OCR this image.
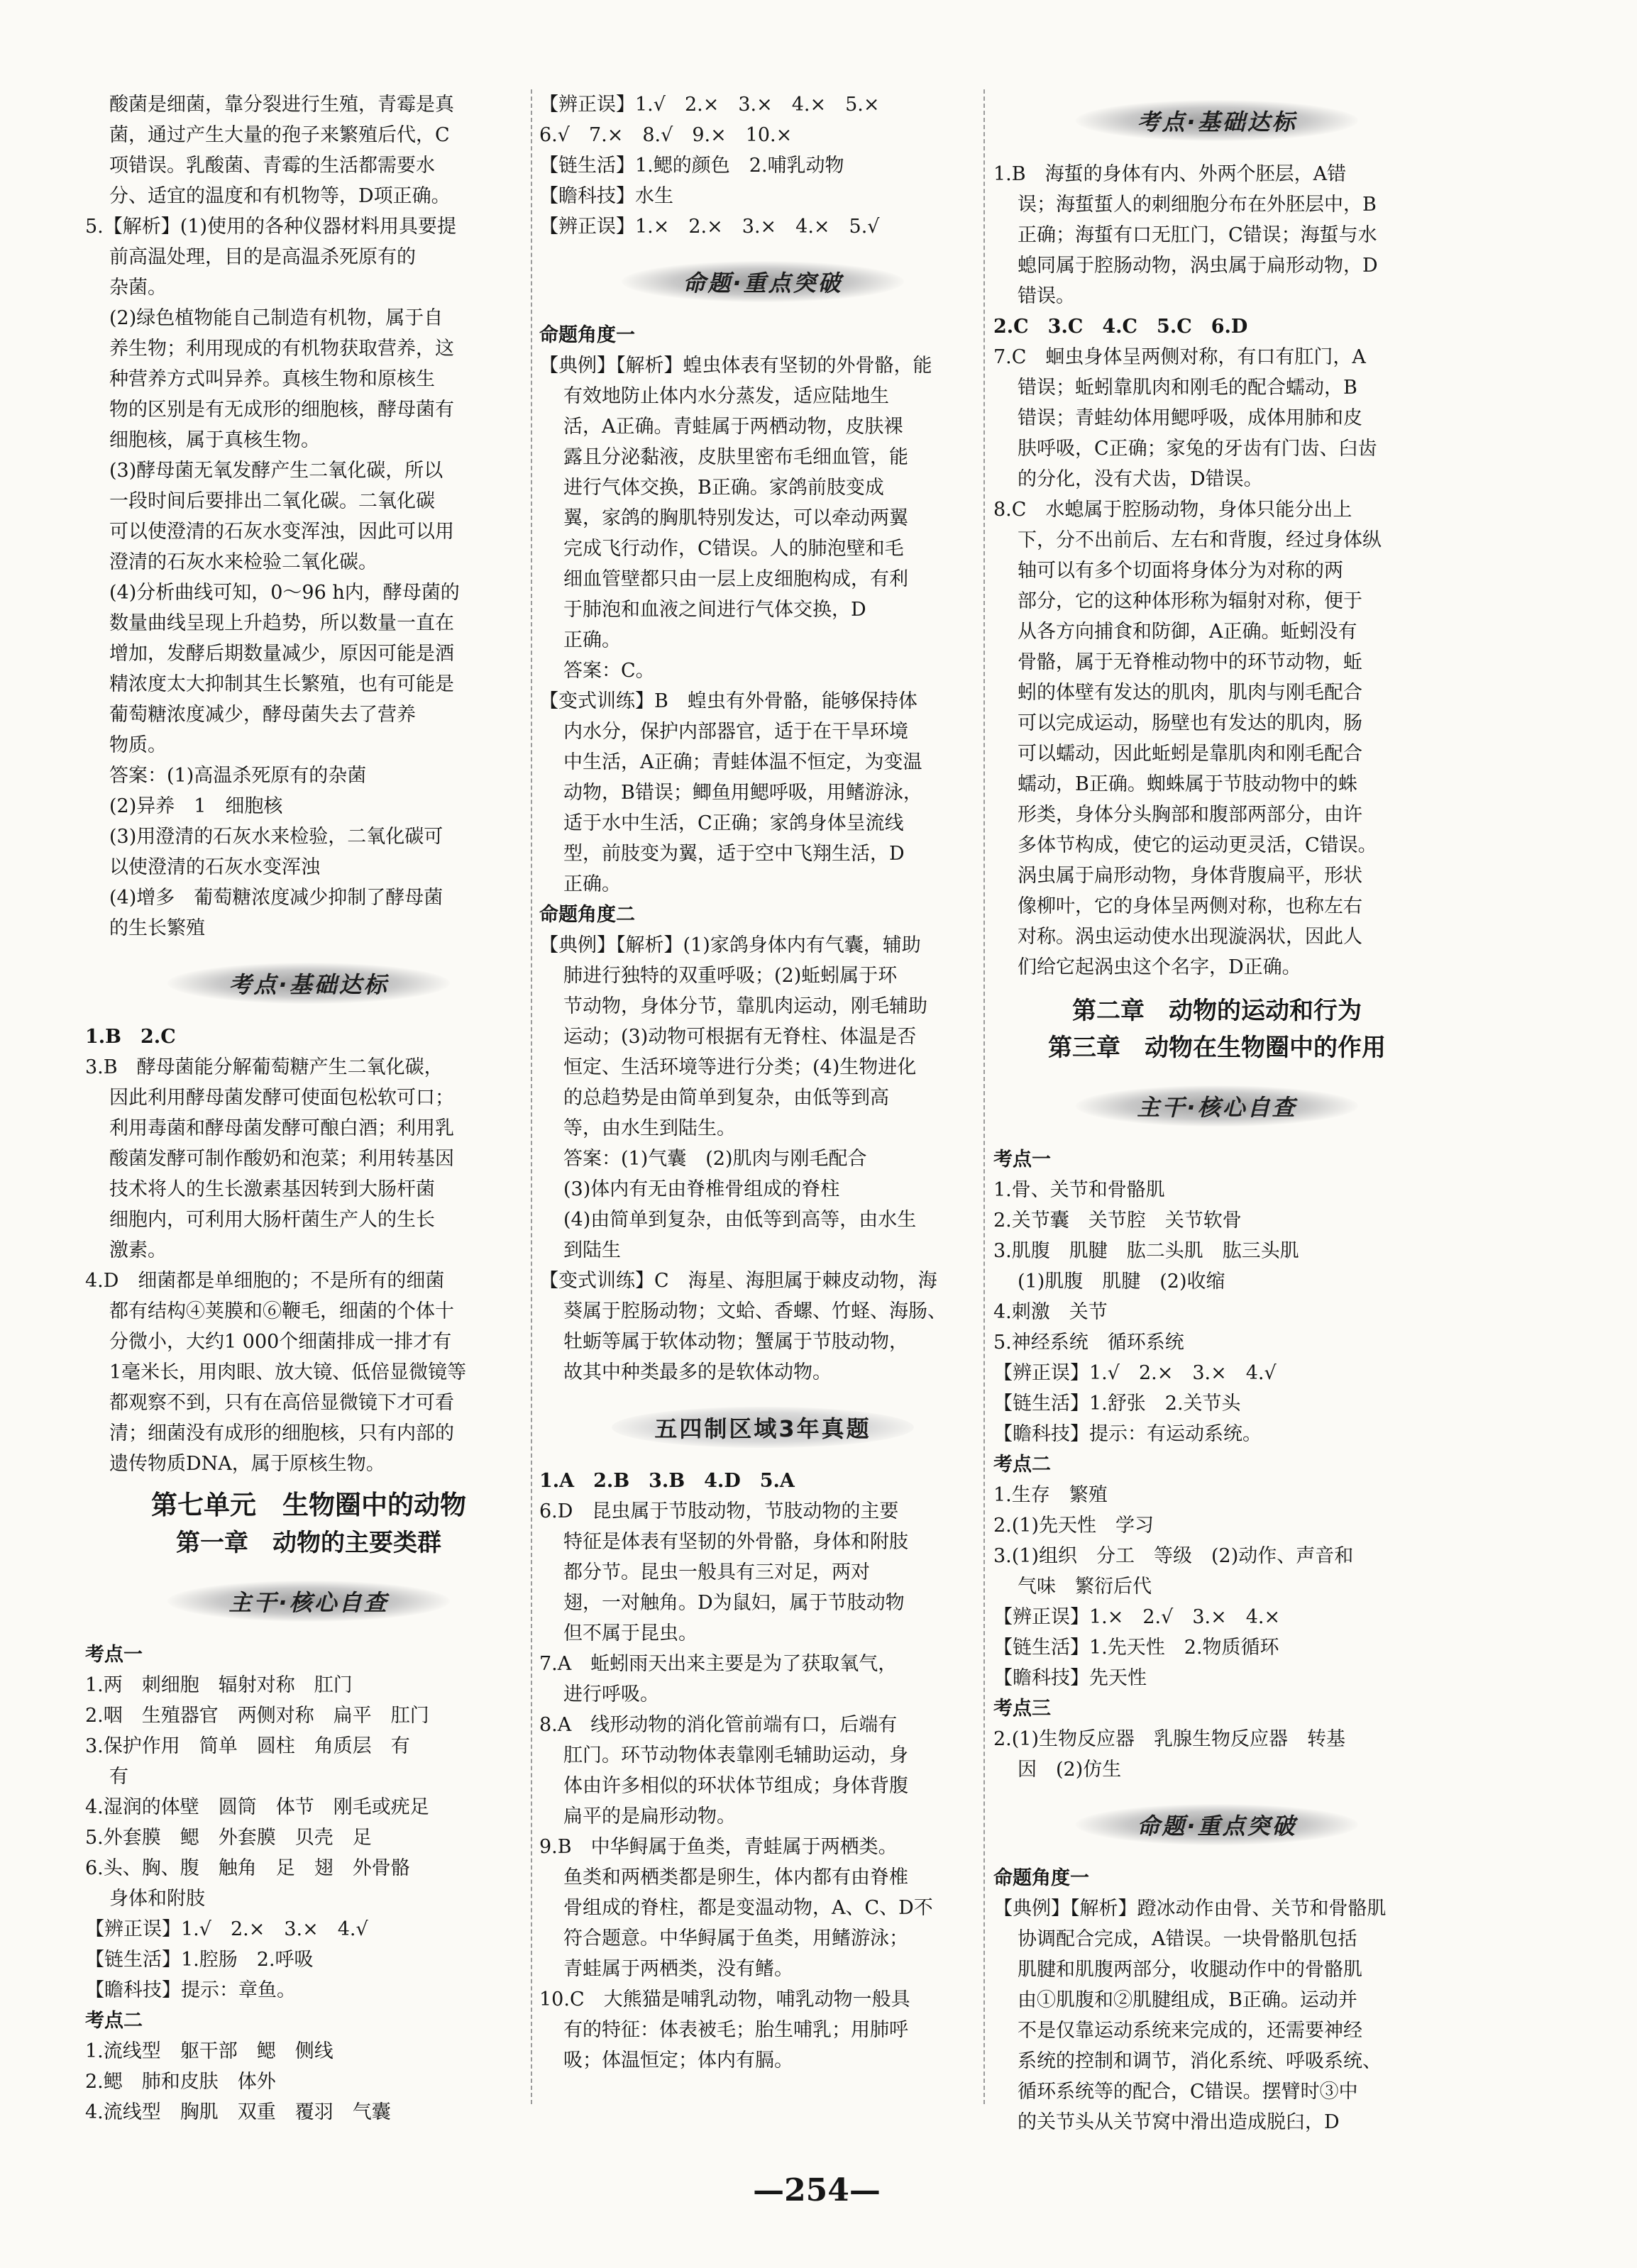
酸菌是细菌，靠分裂进行生殖，青霉是真

菌，通过产生大量的孢子来繁殖后代，C

项错误。乳酸菌、青霉的生活都需要水

分、适宜的温度和有机物等，D项正确。

5.【解析】(1)使用的各种仪器材料用具要提

前高温处理，目的是高温杀死原有的

杂菌。

(2)绿色植物能自己制造有机物，属于自

养生物；利用现成的有机物获取营养，这

种营养方式叫异养。真核生物和原核生

物的区别是有无成形的细胞核，酵母菌有

细胞核，属于真核生物。

(3)酵母菌无氧发酵产生二氧化碳，所以

一段时间后要排出二氧化碳。二氧化碳

可以使澄清的石灰水变浑浊，因此可以用

澄清的石灰水来检验二氧化碳。

(4)分析曲线可知，0～96 h内，酵母菌的

数量曲线呈现上升趋势，所以数量一直在

增加，发酵后期数量减少，原因可能是酒

精浓度太大抑制其生长繁殖，也有可能是

葡萄糖浓度减少，酵母菌失去了营养

物质。

答案：(1)高温杀死原有的杂菌

(2)异养　1　细胞核

(3)用澄清的石灰水来检验，二氧化碳可

以使澄清的石灰水变浑浊

(4)增多　葡萄糖浓度减少抑制了酵母菌

的生长繁殖

考点·基础达标

1.B　2.C

3.B　酵母菌能分解葡萄糖产生二氧化碳，

因此利用酵母菌发酵可使面包松软可口；

利用毒菌和酵母菌发酵可酿白酒；利用乳

酸菌发酵可制作酸奶和泡菜；利用转基因

技术将人的生长激素基因转到大肠杆菌

细胞内，可利用大肠杆菌生产人的生长

激素。

4.D　细菌都是单细胞的；不是所有的细菌

都有结构④荚膜和⑥鞭毛，细菌的个体十

分微小，大约1 000个细菌排成一排才有

1毫米长，用肉眼、放大镜、低倍显微镜等

都观察不到，只有在高倍显微镜下才可看

清；细菌没有成形的细胞核，只有内部的

遗传物质DNA，属于原核生物。

第七单元　生物圈中的动物
第一章　动物的主要类群
主干·核心自查

考点一

1.两　刺细胞　辐射对称　肛门

2.咽　生殖器官　两侧对称　扁平　肛门

3.保护作用　简单　圆柱　角质层　有

有

4.湿润的体壁　圆筒　体节　刚毛或疣足

5.外套膜　鳃　外套膜　贝壳　足

6.头、胸、腹　触角　足　翅　外骨骼

身体和附肢

【辨正误】1.√　2.×　3.×　4.√

【链生活】1.腔肠　2.呼吸

【瞻科技】提示：章鱼。

考点二

1.流线型　躯干部　鳃　侧线

2.鳃　肺和皮肤　体外

4.流线型　胸肌　双重　覆羽　气囊

【辨正误】1.√　2.×　3.×　4.×　5.×

6.√　7.×　8.√　9.×　10.×

【链生活】1.鳃的颜色　2.哺乳动物

【瞻科技】水生

【辨正误】1.×　2.×　3.×　4.×　5.√

命题·重点突破

命题角度一

【典例】【解析】蝗虫体表有坚韧的外骨骼，能

有效地防止体内水分蒸发，适应陆地生

活，A正确。青蛙属于两栖动物，皮肤裸

露且分泌黏液，皮肤里密布毛细血管，能

进行气体交换，B正确。家鸽前肢变成

翼，家鸽的胸肌特别发达，可以牵动两翼

完成飞行动作，C错误。人的肺泡壁和毛

细血管壁都只由一层上皮细胞构成，有利

于肺泡和血液之间进行气体交换，D

正确。

答案：C。

【变式训练】B　蝗虫有外骨骼，能够保持体

内水分，保护内部器官，适于在干旱环境

中生活，A正确；青蛙体温不恒定，为变温

动物，B错误；鲫鱼用鳃呼吸，用鳍游泳，

适于水中生活，C正确；家鸽身体呈流线

型，前肢变为翼，适于空中飞翔生活，D

正确。

命题角度二

【典例】【解析】(1)家鸽身体内有气囊，辅助

肺进行独特的双重呼吸；(2)蚯蚓属于环

节动物，身体分节，靠肌肉运动，刚毛辅助

运动；(3)动物可根据有无脊柱、体温是否

恒定、生活环境等进行分类；(4)生物进化

的总趋势是由简单到复杂，由低等到高

等，由水生到陆生。

答案：(1)气囊　(2)肌肉与刚毛配合

(3)体内有无由脊椎骨组成的脊柱

(4)由简单到复杂，由低等到高等，由水生

到陆生

【变式训练】C　海星、海胆属于棘皮动物，海

葵属于腔肠动物；文蛤、香螺、竹蛏、海肠、

牡蛎等属于软体动物；蟹属于节肢动物，

故其中种类最多的是软体动物。

五四制区域3年真题

1.A　2.B　3.B　4.D　5.A

6.D　昆虫属于节肢动物，节肢动物的主要

特征是体表有坚韧的外骨骼，身体和附肢

都分节。昆虫一般具有三对足，两对

翅，一对触角。D为鼠妇，属于节肢动物

但不属于昆虫。

7.A　蚯蚓雨天出来主要是为了获取氧气，

进行呼吸。

8.A　线形动物的消化管前端有口，后端有

肛门。环节动物体表靠刚毛辅助运动，身

体由许多相似的环状体节组成；身体背腹

扁平的是扁形动物。

9.B　中华鲟属于鱼类，青蛙属于两栖类。

鱼类和两栖类都是卵生，体内都有由脊椎

骨组成的脊柱，都是变温动物，A、C、D不

符合题意。中华鲟属于鱼类，用鳍游泳；

青蛙属于两栖类，没有鳍。

10.C　大熊猫是哺乳动物，哺乳动物一般具

有的特征：体表被毛；胎生哺乳；用肺呼

吸；体温恒定；体内有膈。

考点·基础达标

1.B　海蜇的身体有内、外两个胚层，A错

误；海蜇蜇人的刺细胞分布在外胚层中，B

正确；海蜇有口无肛门，C错误；海蜇与水

螅同属于腔肠动物，涡虫属于扁形动物，D

错误。

2.C　3.C　4.C　5.C　6.D

7.C　蛔虫身体呈两侧对称，有口有肛门，A

错误；蚯蚓靠肌肉和刚毛的配合蠕动，B

错误；青蛙幼体用鳃呼吸，成体用肺和皮

肤呼吸，C正确；家兔的牙齿有门齿、臼齿

的分化，没有犬齿，D错误。

8.C　水螅属于腔肠动物，身体只能分出上

下，分不出前后、左右和背腹，经过身体纵

轴可以有多个切面将身体分为对称的两

部分，它的这种体形称为辐射对称，便于

从各方向捕食和防御，A正确。蚯蚓没有

骨骼，属于无脊椎动物中的环节动物，蚯

蚓的体壁有发达的肌肉，肌肉与刚毛配合

可以完成运动，肠壁也有发达的肌肉，肠

可以蠕动，因此蚯蚓是靠肌肉和刚毛配合

蠕动，B正确。蜘蛛属于节肢动物中的蛛

形类，身体分头胸部和腹部两部分，由许

多体节构成，使它的运动更灵活，C错误。

涡虫属于扁形动物，身体背腹扁平，形状

像柳叶，它的身体呈两侧对称，也称左右

对称。涡虫运动使水出现漩涡状，因此人

们给它起涡虫这个名字，D正确。

第二章　动物的运动和行为
第三章　动物在生物圈中的作用
主干·核心自查

考点一

1.骨、关节和骨骼肌

2.关节囊　关节腔　关节软骨

3.肌腹　肌腱　肱二头肌　肱三头肌

(1)肌腹　肌腱　(2)收缩

4.刺激　关节

5.神经系统　循环系统

【辨正误】1.√　2.×　3.×　4.√

【链生活】1.舒张　2.关节头

【瞻科技】提示：有运动系统。

考点二

1.生存　繁殖

2.(1)先天性　学习

3.(1)组织　分工　等级　(2)动作、声音和

气味　繁衍后代

【辨正误】1.×　2.√　3.×　4.×

【链生活】1.先天性　2.物质循环

【瞻科技】先天性

考点三

2.(1)生物反应器　乳腺生物反应器　转基

因　(2)仿生

命题·重点突破

命题角度一

【典例】【解析】蹬冰动作由骨、关节和骨骼肌

协调配合完成，A错误。一块骨骼肌包括

肌腱和肌腹两部分，收腿动作中的骨骼肌

由①肌腹和②肌腱组成，B正确。运动并

不是仅靠运动系统来完成的，还需要神经

系统的控制和调节，消化系统、呼吸系统、

循环系统等的配合，C错误。摆臂时③中

的关节头从关节窝中滑出造成脱臼，D

—254—
